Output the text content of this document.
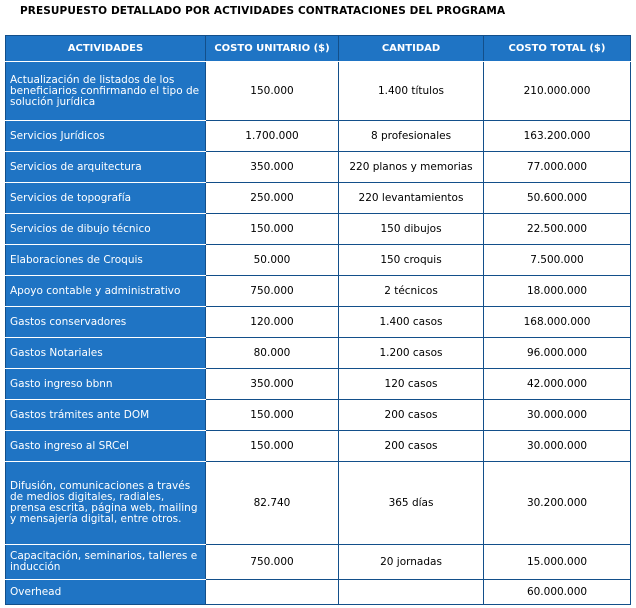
PRESUPUESTO DETALLADO POR ACTIVIDADES CONTRATACIONES DEL PROGRAMA
ACTIVIDADES	COSTO UNITARIO ($)	CANTIDAD	COSTO TOTAL ($)
Actualización de listados de los beneficiarios confirmando el tipo de solución jurídica	150.000	1.400 títulos	210.000.000
Servicios Jurídicos	1.700.000	8 profesionales	163.200.000
Servicios de arquitectura	350.000	220 planos y memorias	77.000.000
Servicios de topografía	250.000	220 levantamientos	50.600.000
Servicios de dibujo técnico	150.000	150 dibujos	22.500.000
Elaboraciones de Croquis	50.000	150 croquis	7.500.000
Apoyo contable y administrativo	750.000	2 técnicos	18.000.000
Gastos conservadores	120.000	1.400 casos	168.000.000
Gastos Notariales	80.000	1.200 casos	96.000.000
Gasto ingreso bbnn	350.000	120 casos	42.000.000
Gastos trámites ante DOM	150.000	200 casos	30.000.000
Gasto ingreso al SRCeI	150.000	200 casos	30.000.000
Difusión, comunicaciones a través de medios digitales, radiales, prensa escrita, página web, mailing y mensajería digital, entre otros.	82.740	365 días	30.200.000
Capacitación, seminarios, talleres e inducción	750.000	20 jornadas	15.000.000
Overhead			60.000.000
